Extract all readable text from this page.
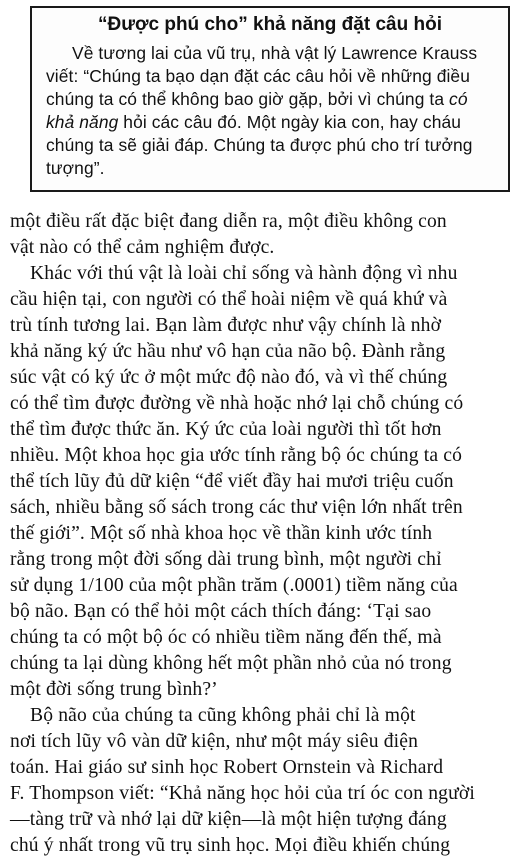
“Được phú cho” khả năng đặt câu hỏi
Về tương lai của vũ trụ, nhà vật lý Lawrence Krauss
viết: “Chúng ta bạo dạn đặt các câu hỏi về những điều
chúng ta có thể không bao giờ gặp, bởi vì chúng ta có
khả năng hỏi các câu đó. Một ngày kia con, hay cháu
chúng ta sẽ giải đáp. Chúng ta được phú cho trí tưởng
tượng”.
một điều rất đặc biệt đang diễn ra, một điều không con
vật nào có thể cảm nghiệm được.
Khác với thú vật là loài chỉ sống và hành động vì nhu
cầu hiện tại, con người có thể hoài niệm về quá khứ và
trù tính tương lai. Bạn làm được như vậy chính là nhờ
khả năng ký ức hầu như vô hạn của não bộ. Đành rằng
súc vật có ký ức ở một mức độ nào đó, và vì thế chúng
có thể tìm được đường về nhà hoặc nhớ lại chỗ chúng có
thể tìm được thức ăn. Ký ức của loài người thì tốt hơn
nhiều. Một khoa học gia ước tính rằng bộ óc chúng ta có
thể tích lũy đủ dữ kiện “để viết đầy hai mươi triệu cuốn
sách, nhiều bằng số sách trong các thư viện lớn nhất trên
thế giới”. Một số nhà khoa học về thần kinh ước tính
rằng trong một đời sống dài trung bình, một người chỉ
sử dụng 1/100 của một phần trăm (.0001) tiềm năng của
bộ não. Bạn có thể hỏi một cách thích đáng: ‘Tại sao
chúng ta có một bộ óc có nhiều tiềm năng đến thế, mà
chúng ta lại dùng không hết một phần nhỏ của nó trong
một đời sống trung bình?’
Bộ não của chúng ta cũng không phải chỉ là một
nơi tích lũy vô vàn dữ kiện, như một máy siêu điện
toán. Hai giáo sư sinh học Robert Ornstein và Richard
F. Thompson viết: “Khả năng học hỏi của trí óc con người
—tàng trữ và nhớ lại dữ kiện—là một hiện tượng đáng
chú ý nhất trong vũ trụ sinh học. Mọi điều khiến chúng
